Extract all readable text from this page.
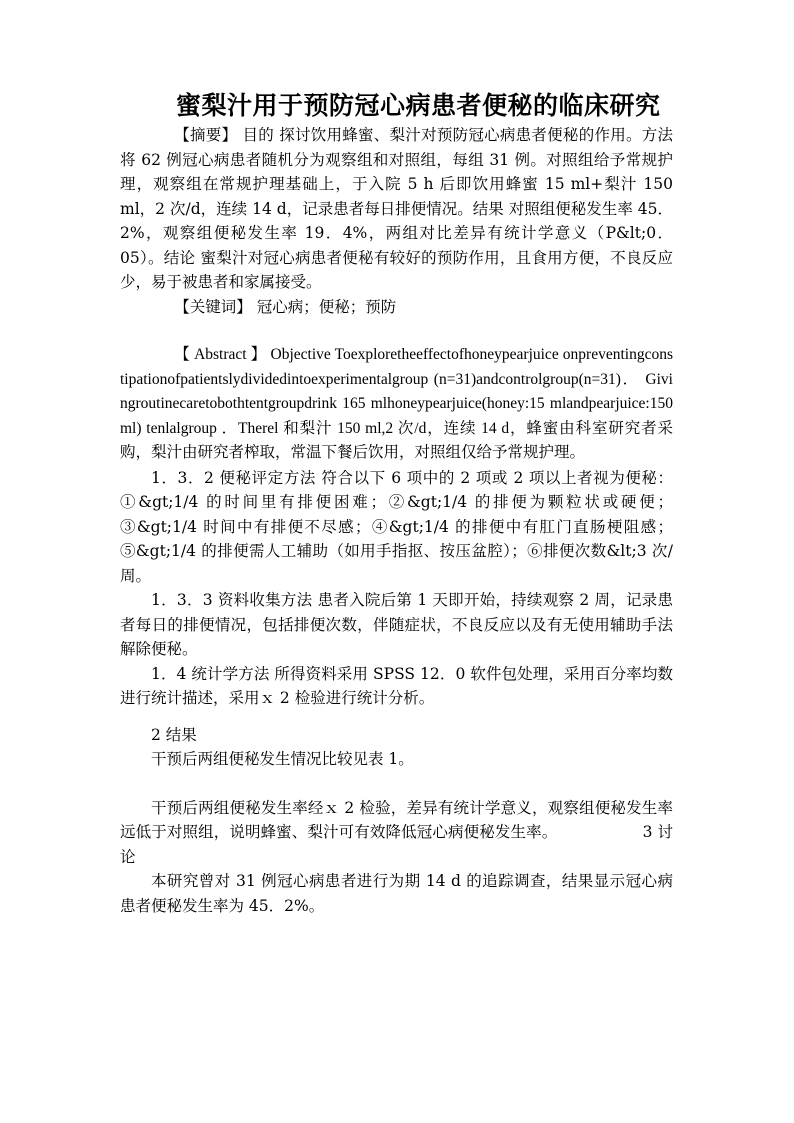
蜜梨汁用于预防冠心病患者便秘的临床研究

【摘要】 目的 探讨饮用蜂蜜、梨汁对预防冠心病患者便秘的作用。方法 将 62 例冠心病患者随机分为观察组和对照组，每组 31 例。对照组给予常规护理，观察组在常规护理基础上，于入院 5 h 后即饮用蜂蜜 15 ml+梨汁 150 ml，2 次/d，连续 14 d，记录患者每日排便情况。结果 对照组便秘发生率 45．2%，观察组便秘发生率 19．4%，两组对比差异有统计学意义（P&lt;0．05）。结论 蜜梨汁对冠心病患者便秘有较好的预防作用，且食用方便，不良反应少，易于被患者和家属接受。

【关键词】 冠心病；便秘；预防

【 Abstract 】 Objective Toexploretheeffectofhoneypearjuice onpreventingconstipationofpatientslydividedintoexperimentalgroup (n=31)andcontrolgroup(n=31)． Givingroutinecaretobothtentgroupdrink 165 mlhoneypearjuice(honey:15 mlandpearjuice:150 ml) tenlalgroup ．Therel 和梨汁 150 ml,2 次/d，连续 14 d，蜂蜜由科室研究者采购，梨汁由研究者榨取，常温下餐后饮用，对照组仅给予常规护理。

1．3．2 便秘评定方法 符合以下 6 项中的 2 项或 2 项以上者视为便秘：①&gt;1/4 的时间里有排便困难；②&gt;1/4 的排便为颗粒状或硬便；③&gt;1/4 时间中有排便不尽感；④&gt;1/4 的排便中有肛门直肠梗阻感；⑤&gt;1/4 的排便需人工辅助（如用手指抠、按压盆腔）；⑥排便次数&lt;3 次/周。

1．3．3 资料收集方法 患者入院后第 1 天即开始，持续观察 2 周，记录患者每日的排便情况，包括排便次数，伴随症状，不良反应以及有无使用辅助手法解除便秘。

1．4 统计学方法 所得资料采用 SPSS 12．0 软件包处理，采用百分率均数进行统计描述，采用ｘ 2 检验进行统计分析。

2 结果

干预后两组便秘发生情况比较见表 1。

干预后两组便秘发生率经ｘ 2 检验，差异有统计学意义，观察组便秘发生率远低于对照组，说明蜂蜜、梨汁可有效降低冠心病便秘发生率。	3 讨论

本研究曾对 31 例冠心病患者进行为期 14 d 的追踪调查，结果显示冠心病患者便秘发生率为 45．2%。
